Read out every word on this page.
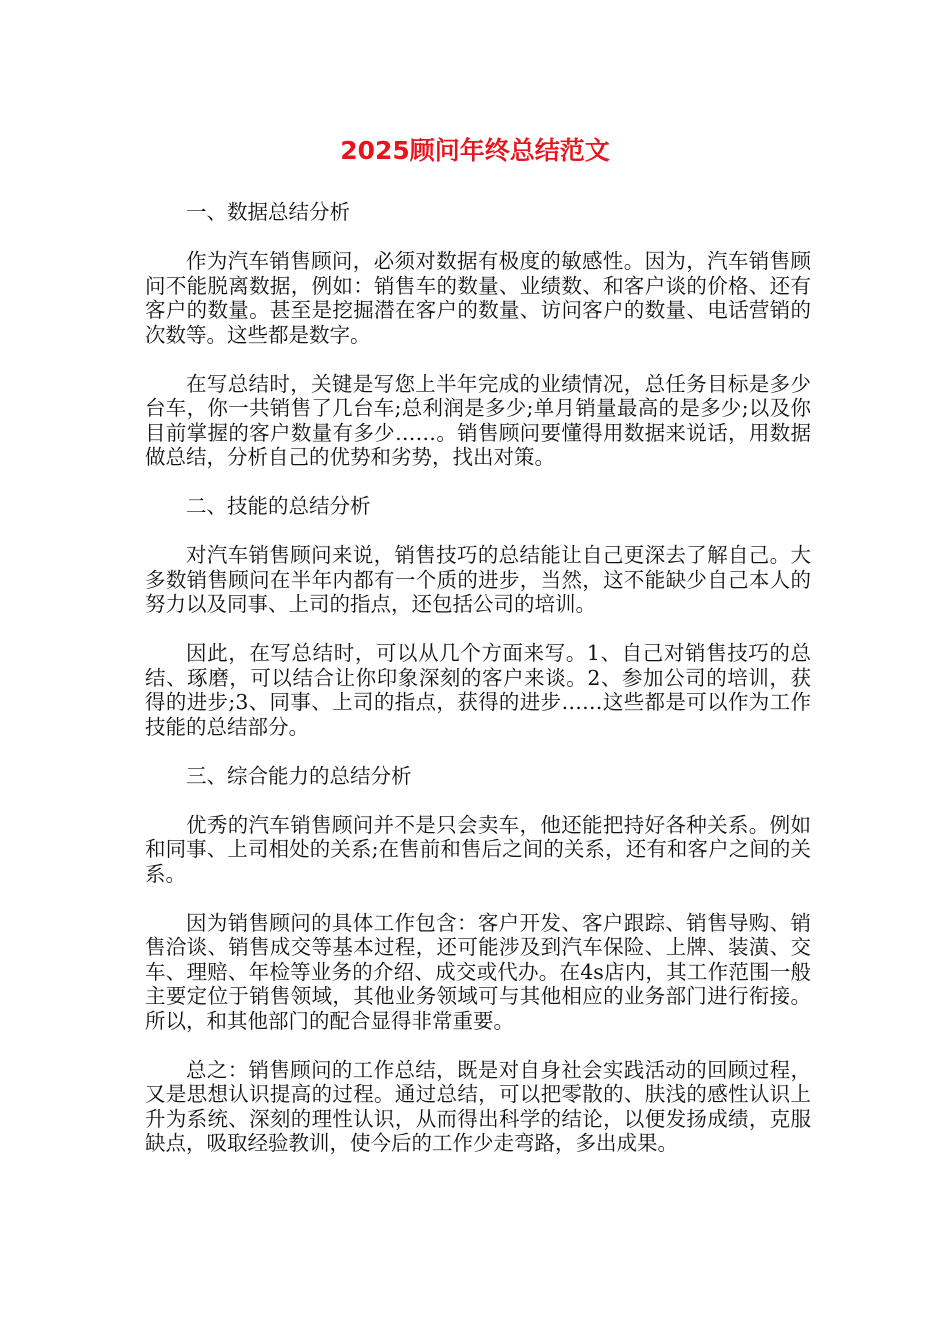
2025顾问年终总结范文

一、数据总结分析

作为汽车销售顾问，必须对数据有极度的敏感性。因为，汽车销售顾问不能脱离数据，例如：销售车的数量、业绩数、和客户谈的价格、还有客户的数量。甚至是挖掘潜在客户的数量、访问客户的数量、电话营销的次数等。这些都是数字。

在写总结时，关键是写您上半年完成的业绩情况，总任务目标是多少台车，你一共销售了几台车;总利润是多少;单月销量最高的是多少;以及你目前掌握的客户数量有多少……。销售顾问要懂得用数据来说话，用数据做总结，分析自己的优势和劣势，找出对策。

二、技能的总结分析

对汽车销售顾问来说，销售技巧的总结能让自己更深去了解自己。大多数销售顾问在半年内都有一个质的进步，当然，这不能缺少自己本人的努力以及同事、上司的指点，还包括公司的培训。

因此，在写总结时，可以从几个方面来写。1、自己对销售技巧的总结、琢磨，可以结合让你印象深刻的客户来谈。2、参加公司的培训，获得的进步;3、同事、上司的指点，获得的进步……这些都是可以作为工作技能的总结部分。

三、综合能力的总结分析

优秀的汽车销售顾问并不是只会卖车，他还能把持好各种关系。例如和同事、上司相处的关系;在售前和售后之间的关系，还有和客户之间的关系。

因为销售顾问的具体工作包含：客户开发、客户跟踪、销售导购、销售洽谈、销售成交等基本过程，还可能涉及到汽车保险、上牌、装潢、交车、理赔、年检等业务的介绍、成交或代办。在4s店内，其工作范围一般主要定位于销售领域，其他业务领域可与其他相应的业务部门进行衔接。所以，和其他部门的配合显得非常重要。

总之：销售顾问的工作总结，既是对自身社会实践活动的回顾过程，又是思想认识提高的过程。通过总结，可以把零散的、肤浅的感性认识上升为系统、深刻的理性认识，从而得出科学的结论，以便发扬成绩，克服缺点，吸取经验教训，使今后的工作少走弯路，多出成果。
